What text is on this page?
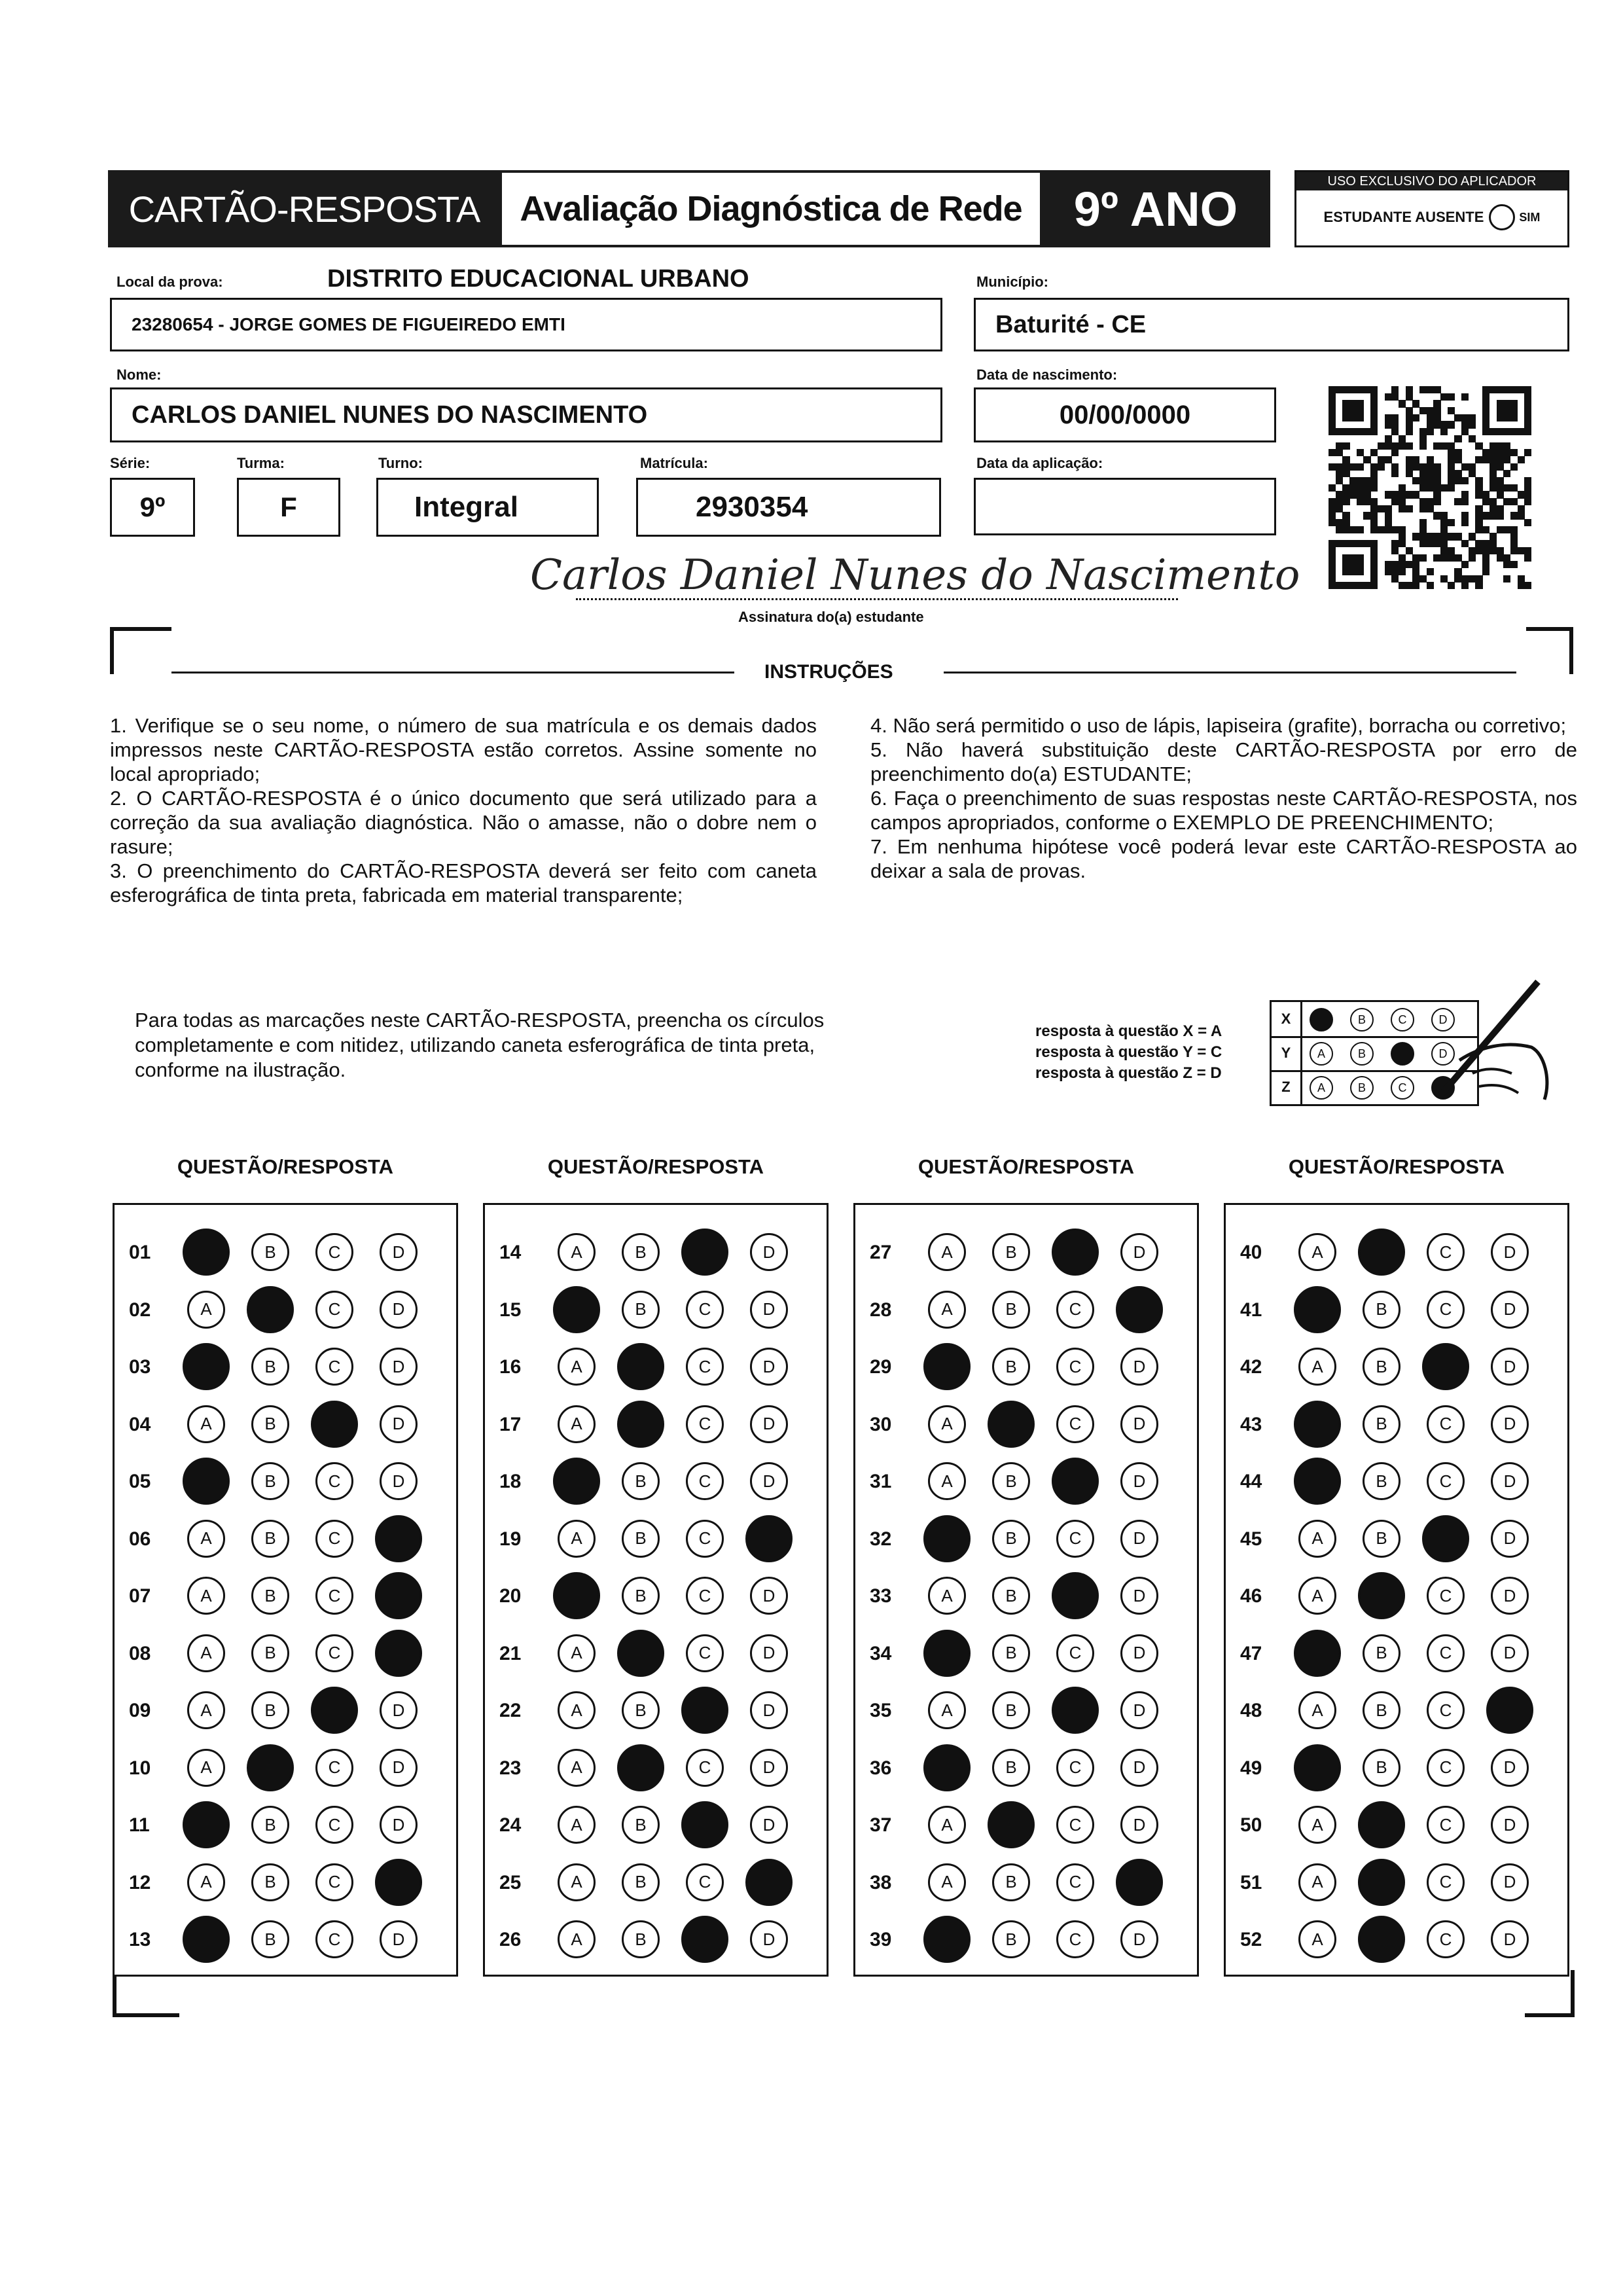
CARTÃO-RESPOSTA Avaliação Diagnóstica de Rede 9º ANO
USO EXCLUSIVO DO APLICADOR
ESTUDANTE AUSENTE	SIM
Local da prova:	DISTRITO EDUCACIONAL URBANO
23280654 - JORGE GOMES DE FIGUEIREDO EMTI
Município:
Baturité - CE
Nome:
CARLOS DANIEL NUNES DO NASCIMENTO
Data de nascimento:
00/00/0000
Série:
9º
Turma:
F
Turno:
Integral
Matrícula:
2930354
Data da aplicação:
Carlos Daniel Nunes do Nascimento
Assinatura do(a) estudante
INSTRUÇÕES

1. Verifique se o seu nome, o número de sua matrícula e os demais dados impressos neste CARTÃO-RESPOSTA estão corretos. Assine somente no local apropriado;

2. O CARTÃO-RESPOSTA é o único documento que será utilizado para a correção da sua avaliação diagnóstica. Não o amasse, não o dobre nem o rasure;

3. O preenchimento do CARTÃO-RESPOSTA deverá ser feito com caneta esferográfica de tinta preta, fabricada em material transparente;

4. Não será permitido o uso de lápis, lapiseira (grafite), borracha ou corretivo;

5. Não haverá substituição deste CARTÃO-RESPOSTA por erro de preenchimento do(a) ESTUDANTE;

6. Faça o preenchimento de suas respostas neste CARTÃO-RESPOSTA, nos campos apropriados, conforme o EXEMPLO DE PREENCHIMENTO;

7. Em nenhuma hipótese você poderá levar este CARTÃO-RESPOSTA ao deixar a sala de provas.

Para todas as marcações neste CARTÃO-RESPOSTA, preencha os círculos completamente e com nitidez, utilizando caneta esferográfica de tinta preta, conforme na ilustração.
resposta à questão X = A
resposta à questão Y = C
resposta à questão Z = D
X	B	C	D
Y	A	B	D
Z	A	B	C
QUESTÃO/RESPOSTA
01	B	C	D
02	A	C	D
03	B	C	D
04	A	B	D
05	B	C	D
06	A	B	C
07	A	B	C
08	A	B	C
09	A	B	D
10	A	C	D
11	B	C	D
12	A	B	C
13	B	C	D
QUESTÃO/RESPOSTA
14	A	B	D
15	B	C	D
16	A	C	D
17	A	C	D
18	B	C	D
19	A	B	C
20	B	C	D
21	A	C	D
22	A	B	D
23	A	C	D
24	A	B	D
25	A	B	C
26	A	B	D
QUESTÃO/RESPOSTA
27	A	B	D
28	A	B	C
29	B	C	D
30	A	C	D
31	A	B	D
32	B	C	D
33	A	B	D
34	B	C	D
35	A	B	D
36	B	C	D
37	A	C	D
38	A	B	C
39	B	C	D
QUESTÃO/RESPOSTA
40	A	C	D
41	B	C	D
42	A	B	D
43	B	C	D
44	B	C	D
45	A	B	D
46	A	C	D
47	B	C	D
48	A	B	C
49	B	C	D
50	A	C	D
51	A	C	D
52	A	C	D
